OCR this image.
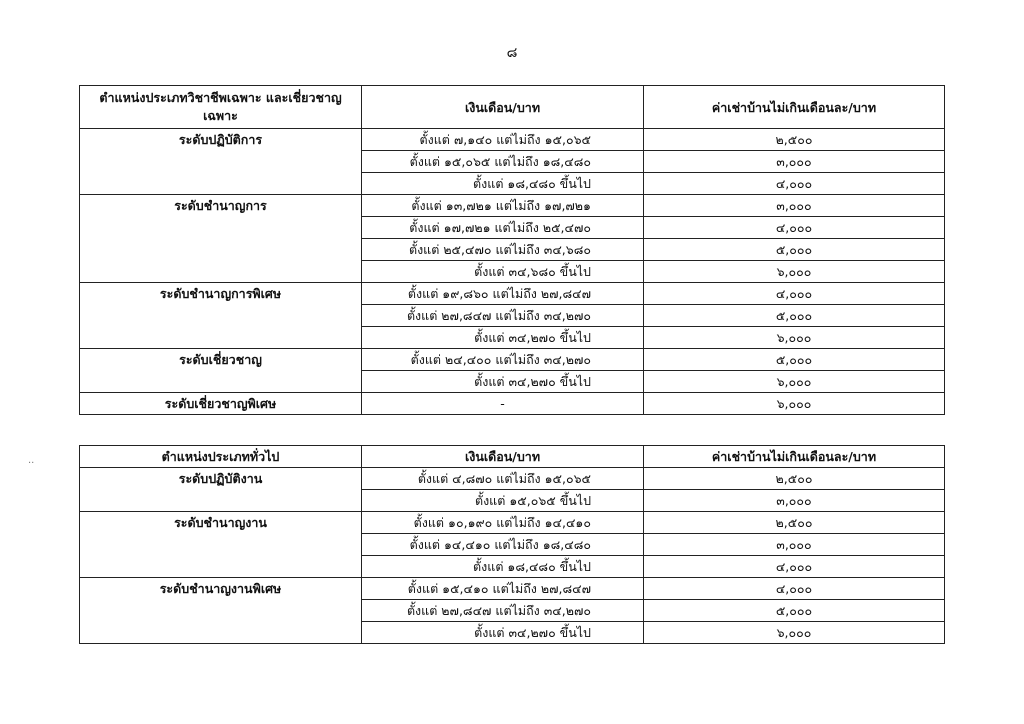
๘
..
ตำแหน่งประเภทวิชาชีพเฉพาะ และเชี่ยวชาญเฉพาะ	เงินเดือน/บาท	ค่าเช่าบ้านไม่เกินเดือนละ/บาท
ระดับปฏิบัติการ	ตั้งแต่ ๗,๑๔๐ แต่ไม่ถึง ๑๕,๐๖๕	๒,๕๐๐
	ตั้งแต่ ๑๕,๐๖๕ แต่ไม่ถึง ๑๘,๔๘๐	๓,๐๐๐
	ตั้งแต่ ๑๘,๔๘๐ ขึ้นไป	๔,๐๐๐
ระดับชำนาญการ	ตั้งแต่ ๑๓,๗๒๑ แต่ไม่ถึง ๑๗,๗๒๑	๓,๐๐๐
	ตั้งแต่ ๑๗,๗๒๑ แต่ไม่ถึง ๒๕,๔๗๐	๔,๐๐๐
	ตั้งแต่ ๒๕,๔๗๐ แต่ไม่ถึง ๓๔,๖๘๐	๕,๐๐๐
	ตั้งแต่ ๓๔,๖๘๐ ขึ้นไป	๖,๐๐๐
ระดับชำนาญการพิเศษ	ตั้งแต่ ๑๙,๘๖๐ แต่ไม่ถึง ๒๗,๘๔๗	๔,๐๐๐
	ตั้งแต่ ๒๗,๘๔๗ แต่ไม่ถึง ๓๔,๒๗๐	๕,๐๐๐
	ตั้งแต่ ๓๔,๒๗๐ ขึ้นไป	๖,๐๐๐
ระดับเชี่ยวชาญ	ตั้งแต่ ๒๔,๔๐๐ แต่ไม่ถึง ๓๔,๒๗๐	๕,๐๐๐
	ตั้งแต่ ๓๔,๒๗๐ ขึ้นไป	๖,๐๐๐
ระดับเชี่ยวชาญพิเศษ	-	๖,๐๐๐
ตำแหน่งประเภททั่วไป	เงินเดือน/บาท	ค่าเช่าบ้านไม่เกินเดือนละ/บาท
ระดับปฏิบัติงาน	ตั้งแต่ ๔,๘๗๐ แต่ไม่ถึง ๑๕,๐๖๕	๒,๕๐๐
	ตั้งแต่ ๑๕,๐๖๕ ขึ้นไป	๓,๐๐๐
ระดับชำนาญงาน	ตั้งแต่ ๑๐,๑๙๐ แต่ไม่ถึง ๑๔,๔๑๐	๒,๕๐๐
	ตั้งแต่ ๑๔,๔๑๐ แต่ไม่ถึง ๑๘,๔๘๐	๓,๐๐๐
	ตั้งแต่ ๑๘,๔๘๐ ขึ้นไป	๔,๐๐๐
ระดับชำนาญงานพิเศษ	ตั้งแต่ ๑๕,๔๑๐ แต่ไม่ถึง ๒๗,๘๔๗	๔,๐๐๐
	ตั้งแต่ ๒๗,๘๔๗ แต่ไม่ถึง ๓๔,๒๗๐	๕,๐๐๐
	ตั้งแต่ ๓๔,๒๗๐ ขึ้นไป	๖,๐๐๐
